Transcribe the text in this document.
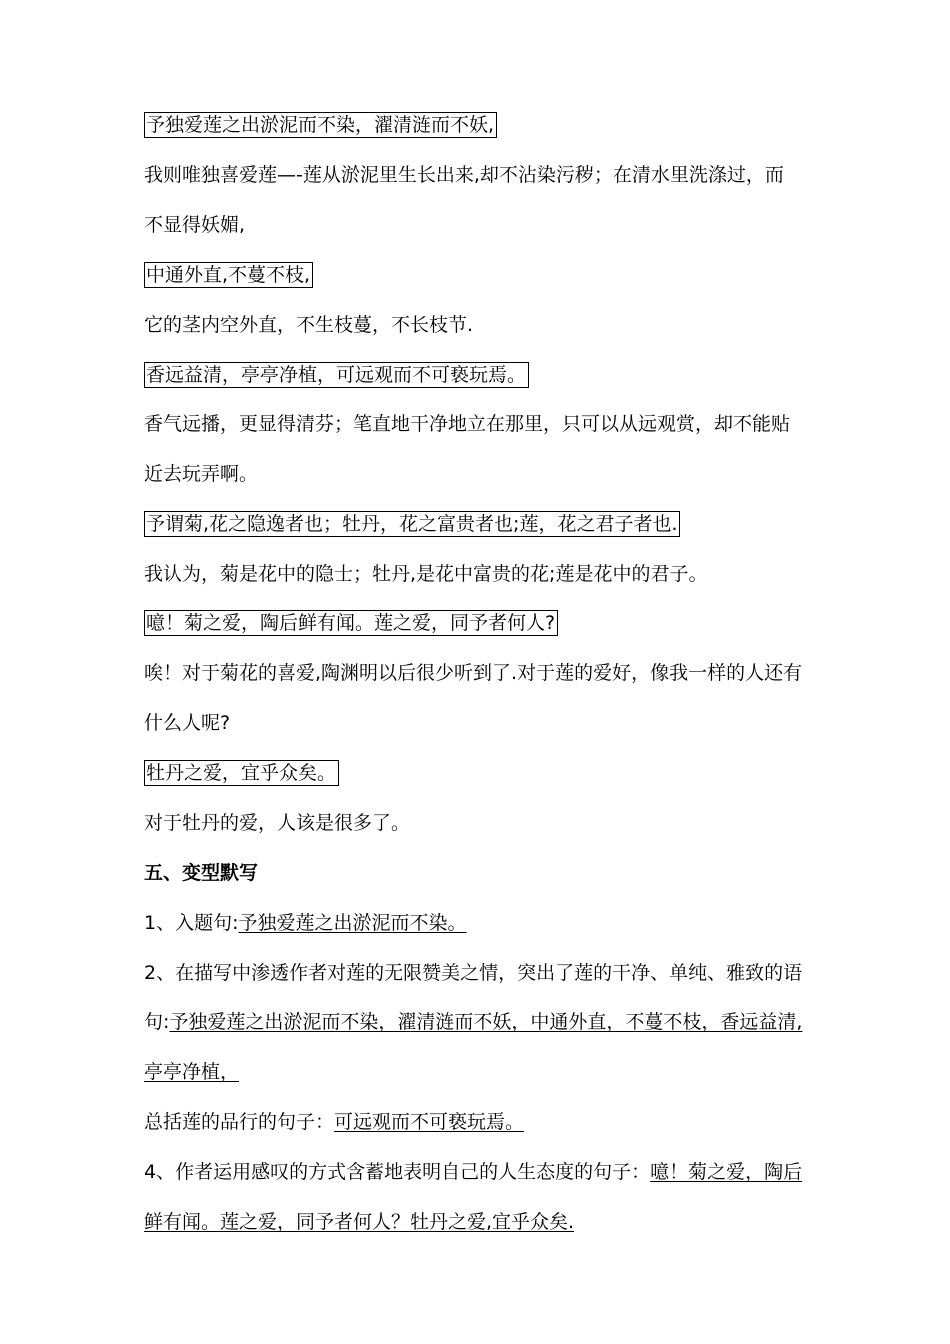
予独爱莲之出淤泥而不染，濯清涟而不妖,
我则唯独喜爱莲—-莲从淤泥里生长出来,却不沾染污秽；在清水里洗涤过，而
不显得妖媚,
中通外直,不蔓不枝,
它的茎内空外直，不生枝蔓，不长枝节.
香远益清，亭亭净植，可远观而不可亵玩焉。
香气远播，更显得清芬；笔直地干净地立在那里，只可以从远观赏，却不能贴
近去玩弄啊。
予谓菊,花之隐逸者也；牡丹，花之富贵者也;莲，花之君子者也.
我认为，菊是花中的隐士；牡丹,是花中富贵的花;莲是花中的君子。
噫！菊之爱，陶后鲜有闻。莲之爱，同予者何人?
唉！对于菊花的喜爱,陶渊明以后很少听到了.对于莲的爱好，像我一样的人还有
什么人呢?
牡丹之爱，宜乎众矣。
对于牡丹的爱，人该是很多了。
五、变型默写
1、入题句:予独爱莲之出淤泥而不染。
2、在描写中渗透作者对莲的无限赞美之情，突出了莲的干净、单纯、雅致的语
句:予独爱莲之出淤泥而不染，濯清涟而不妖，中通外直，不蔓不枝，香远益清,
亭亭净植，
总括莲的品行的句子：可远观而不可亵玩焉。
4、作者运用感叹的方式含蓄地表明自己的人生态度的句子：噫！菊之爱，陶后
鲜有闻。莲之爱，同予者何人？牡丹之爱,宜乎众矣.
